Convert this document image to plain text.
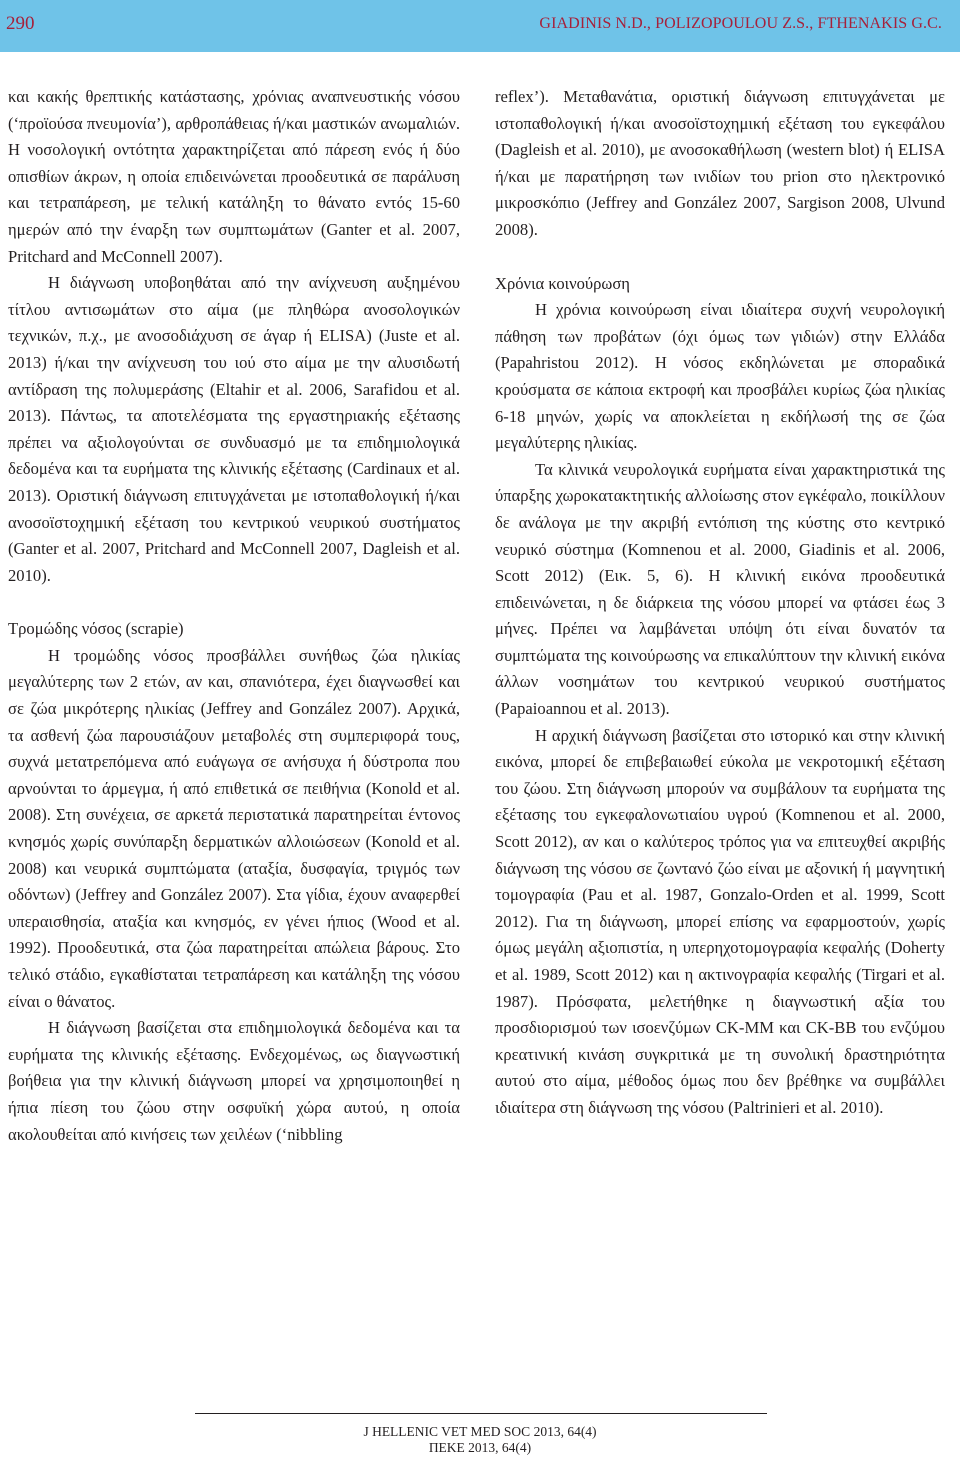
290	GIADINIS N.D., POLIZOPOULOU Z.S., FTHENAKIS G.C.

και κακής θρεπτικής κατάστασης, χρόνιας αναπνευστικής νόσου (‘προϊούσα πνευμονία’), αρθροπάθειας ή/και μαστικών ανωμαλιών. Η νοσολογική οντότητα χαρακτηρίζεται από πάρεση ενός ή δύο οπισθίων άκρων, η οποία επιδεινώνεται προοδευτικά σε παράλυση και τετραπάρεση, με τελική κατάληξη το θάνατο εντός 15-60 ημερών από την έναρξη των συμπτωμάτων (Ganter et al. 2007, Pritchard and McConnell 2007).

Η διάγνωση υποβοηθάται από την ανίχνευση αυξημένου τίτλου αντισωμάτων στο αίμα (με πληθώρα ανοσολογικών τεχνικών, π.χ., με ανοσοδιάχυση σε άγαρ ή ELISA) (Juste et al. 2013) ή/και την ανίχνευση του ιού στο αίμα με την αλυσιδωτή αντίδραση της πολυμεράσης (Eltahir et al. 2006, Sarafidou et al. 2013). Πάντως, τα αποτελέσματα της εργαστηριακής εξέτασης πρέπει να αξιολογούνται σε συνδυασμό με τα επιδημιολογικά δεδομένα και τα ευρήματα της κλινικής εξέτασης (Cardinaux et al. 2013). Οριστική διάγνωση επιτυγχάνεται με ιστοπαθολογική ή/και ανοσοϊστοχημική εξέταση του κεντρικού νευρικού συστήματος (Ganter et al. 2007, Pritchard and McConnell 2007, Dagleish et al. 2010).

Τρομώδης νόσος (scrapie)

Η τρομώδης νόσος προσβάλλει συνήθως ζώα ηλικίας μεγαλύτερης των 2 ετών, αν και, σπανιότερα, έχει διαγνωσθεί και σε ζώα μικρότερης ηλικίας (Jeffrey and González 2007). Αρχικά, τα ασθενή ζώα παρουσιάζουν μεταβολές στη συμπεριφορά τους, συχνά μετατρεπόμενα από ευάγωγα σε ανήσυχα ή δύστροπα που αρνούνται το άρμεγμα, ή από επιθετικά σε πειθήνια (Konold et al. 2008). Στη συνέχεια, σε αρκετά περιστατικά παρατηρείται έντονος κνησμός χωρίς συνύπαρξη δερματικών αλλοιώσεων (Konold et al. 2008) και νευρικά συμπτώματα (αταξία, δυσφαγία, τριγμός των οδόντων) (Jeffrey and González 2007). Στα γίδια, έχουν αναφερθεί υπεραισθησία, αταξία και κνησμός, εν γένει ήπιος (Wood et al. 1992). Προοδευτικά, στα ζώα παρατηρείται απώλεια βάρους. Στο τελικό στάδιο, εγκαθίσταται τετραπάρεση και κατάληξη της νόσου είναι ο θάνατος.

Η διάγνωση βασίζεται στα επιδημιολογικά δεδομένα και τα ευρήματα της κλινικής εξέτασης. Ενδεχομένως, ως διαγνωστική βοήθεια για την κλινική διάγνωση μπορεί να χρησιμοποιηθεί η ήπια πίεση του ζώου στην οσφυϊκή χώρα αυτού, η οποία ακολουθείται από κινήσεις των χειλέων (‘nibbling

reflex’). Μεταθανάτια, οριστική διάγνωση επιτυγχάνεται με ιστοπαθολογική ή/και ανοσοϊστοχημική εξέταση του εγκεφάλου (Dagleish et al. 2010), με ανοσοκαθήλωση (western blot) ή ELISA ή/και με παρατήρηση των ινιδίων του prion στο ηλεκτρονικό μικροσκόπιο (Jeffrey and González 2007, Sargison 2008, Ulvund 2008).

Χρόνια κοινούρωση

Η χρόνια κοινούρωση είναι ιδιαίτερα συχνή νευρολογική πάθηση των προβάτων (όχι όμως των γιδιών) στην Ελλάδα (Papahristou 2012). Η νόσος εκδηλώνεται με σποραδικά κρούσματα σε κάποια εκτροφή και προσβάλει κυρίως ζώα ηλικίας 6-18 μηνών, χωρίς να αποκλείεται η εκδήλωσή της σε ζώα μεγαλύτερης ηλικίας.

Τα κλινικά νευρολογικά ευρήματα είναι χαρακτηριστικά της ύπαρξης χωροκατακτητικής αλλοίωσης στον εγκέφαλο, ποικίλλουν δε ανάλογα με την ακριβή εντόπιση της κύστης στο κεντρικό νευρικό σύστημα (Komnenou et al. 2000, Giadinis et al. 2006, Scott 2012) (Εικ. 5, 6). Η κλινική εικόνα προοδευτικά επιδεινώνεται, η δε διάρκεια της νόσου μπορεί να φτάσει έως 3 μήνες. Πρέπει να λαμβάνεται υπόψη ότι είναι δυνατόν τα συμπτώματα της κοινούρωσης να επικαλύπτουν την κλινική εικόνα άλλων νοσημάτων του κεντρικού νευρικού συστήματος (Papaioannou et al. 2013).

Η αρχική διάγνωση βασίζεται στο ιστορικό και στην κλινική εικόνα, μπορεί δε επιβεβαιωθεί εύκολα με νεκροτομική εξέταση του ζώου. Στη διάγνωση μπορούν να συμβάλουν τα ευρήματα της εξέτασης του εγκεφαλονωτιαίου υγρού (Komnenou et al. 2000, Scott 2012), αν και ο καλύτερος τρόπος για να επιτευχθεί ακριβής διάγνωση της νόσου σε ζωντανό ζώο είναι με αξονική ή μαγνητική τομογραφία (Pau et al. 1987, Gonzalo-Orden et al. 1999, Scott 2012). Για τη διάγνωση, μπορεί επίσης να εφαρμοστούν, χωρίς όμως μεγάλη αξιοπιστία, η υπερηχοτομογραφία κεφαλής (Doherty et al. 1989, Scott 2012) και η ακτινογραφία κεφαλής (Tirgari et al. 1987). Πρόσφατα, μελετήθηκε η διαγνωστική αξία του προσδιορισμού των ισοενζύμων CK-MM και CK-BB του ενζύμου κρεατινική κινάση συγκριτικά με τη συνολική δραστηριότητα αυτού στο αίμα, μέθοδος όμως που δεν βρέθηκε να συμβάλλει ιδιαίτερα στη διάγνωση της νόσου (Paltrinieri et al. 2010).

J HELLENIC VET MED SOC 2013, 64(4)
ΠΕΚΕ 2013, 64(4)
